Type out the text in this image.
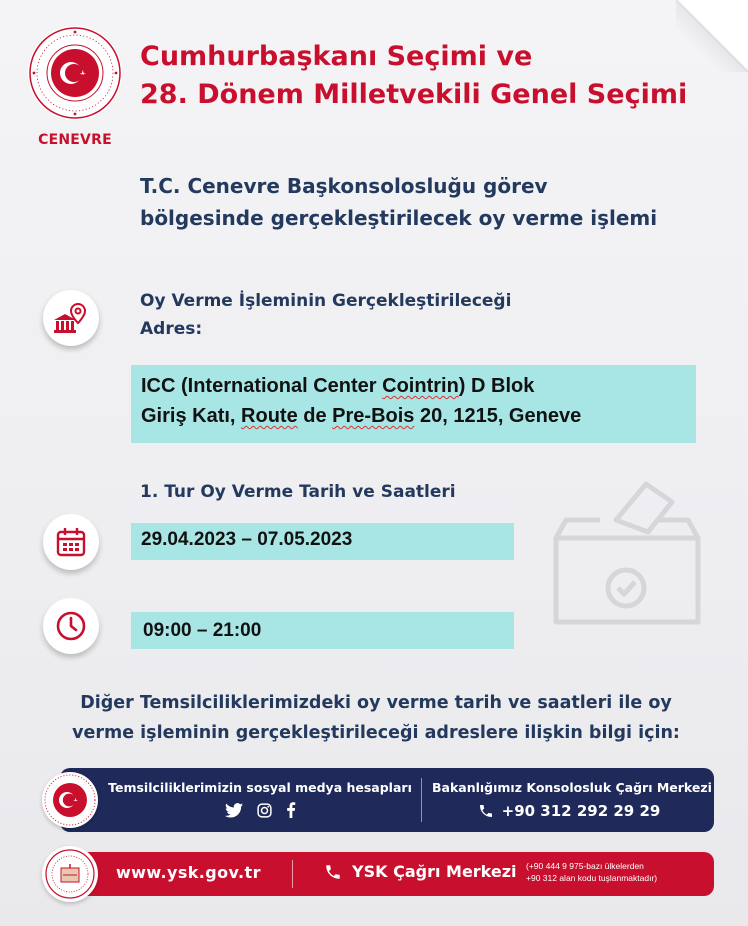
CENEVRE
Cumhurbaşkanı Seçimi ve
28. Dönem Milletvekili Genel Seçimi
T.C. Cenevre Başkonsolosluğu görev
bölgesinde gerçekleştirilecek oy verme işlemi
Oy Verme İşleminin Gerçekleştirileceği
Adres:
ICC (International Center Cointrin) D Blok
Giriş Katı, Route de Pre-Bois 20, 1215, Geneve
1. Tur Oy Verme Tarih ve Saatleri
29.04.2023 – 07.05.2023
09:00 – 21:00
Diğer Temsilciliklerimizdeki oy verme tarih ve saatleri ile oy
verme işleminin gerçekleştirileceği adreslere ilişkin bilgi için:
Temsilciliklerimizin sosyal medya hesapları	Bakanlığımız Konsolosluk Çağrı Merkezi
+90 312 292 29 29
www.ysk.gov.tr	YSK Çağrı Merkezi (+90 444 9 975-bazı ülkelerden
+90 312 alan kodu tuşlanmaktadır)
